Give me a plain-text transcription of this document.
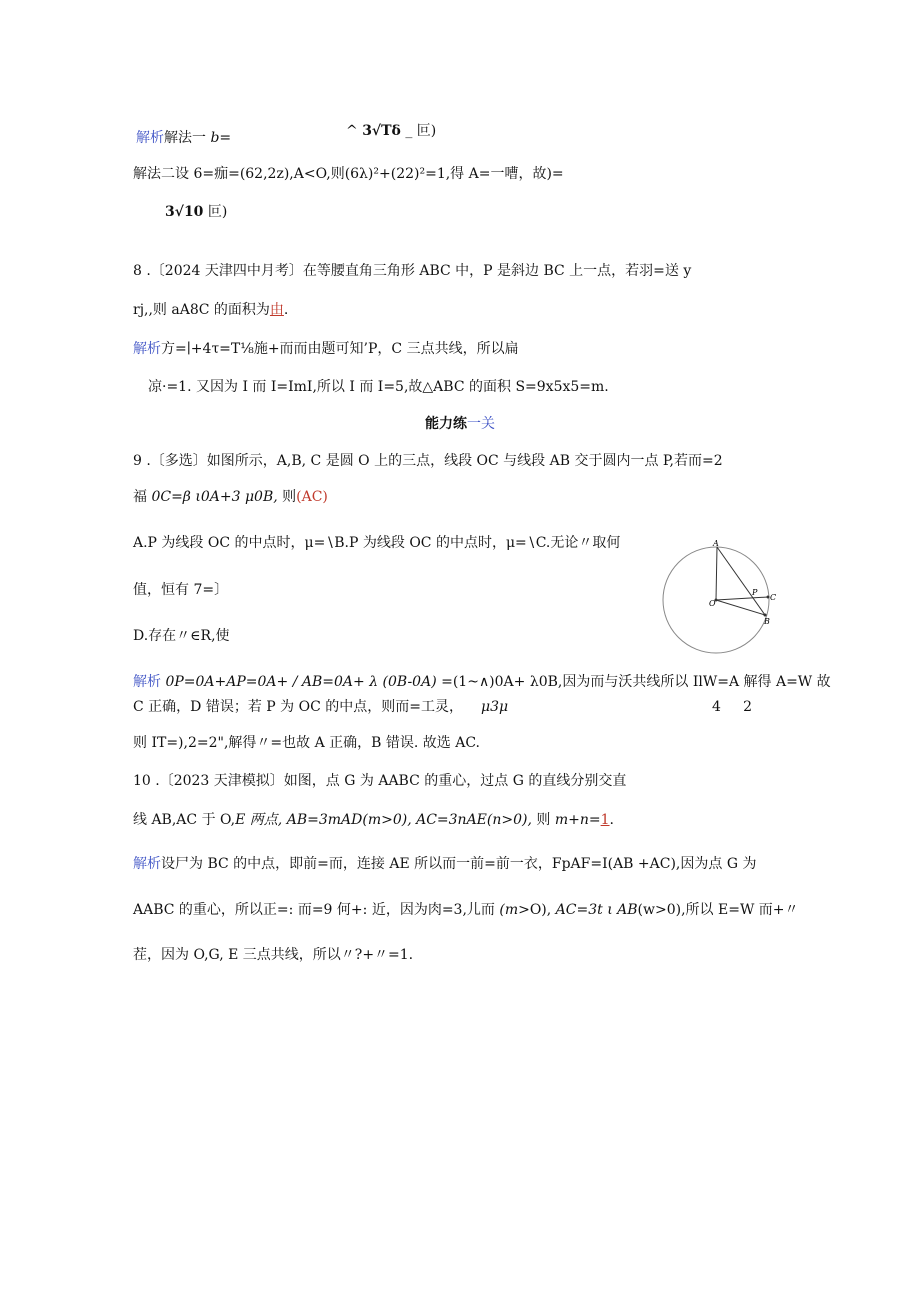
解析解法一 b=	^ 3√Tδ _ 叵)
解法二设 6=痂=(62,2z),A<O,则(6λ)²+(22)²=1,得 A=一嘈，故)=
3√10 叵)
8 .〔2024 天津四中月考〕在等腰直角三角形 ABC 中，P 是斜边 BC 上一点，若羽=送 y
rj,,则 aA8C 的面积为由.
解析方=∣+4τ=T⅛施+而而由题可知’P，C 三点共线，所以扁
凉·=1. 又因为 I 而 I=ImI,所以 I 而 I=5,故△ABC 的面积 S=9x5x5=m.
能力练一关
9 .〔多选〕如图所示，A,B, C 是圆 O 上的三点，线段 OC 与线段 AB 交于圆内一点 P,若而=2
福 0C=β ι0A+3 μ0B, 则(AC)
A.P 为线段 OC 的中点时，μ=∖B.P 为线段 OC 的中点时，μ=∖C.无论〃取何
值，恒有 7=〕
D.存在〃∈R,使
A
O
P
C
B
解析 0P=0A+AP=0A+ / AB=0A+ λ (0B-0A) =(1~∧)0A+ λ0B,因为而与沃共线所以 IlW=A 解得 A=W 故
C 正确，D 错误；若 P 为 OC 的中点，则而=工灵， μ3μ	4     2
则 IT=),2=2",解得〃=也故 A 正确，B 错误. 故选 AC.
10 .〔2023 天津模拟〕如图，点 G 为 AABC 的重心，过点 G 的直线分别交直
线 AB,AC 于 O,E 两点, AB=3mAD(m>0), AC=3nAE(n>0), 则 m+n=1.
解析设尸为 BC 的中点，即前=而，连接 AE 所以而一前=前一衣，FpAF=I(AB +AC),因为点 G 为
AABC 的重心，所以正=: 而=9 何+: 近，因为肉=3,儿而 (m>O), AC=3t ι AB(w>0),所以 E=W 而+〃
茬，因为 O,G, E 三点共线，所以〃?+〃=1.
